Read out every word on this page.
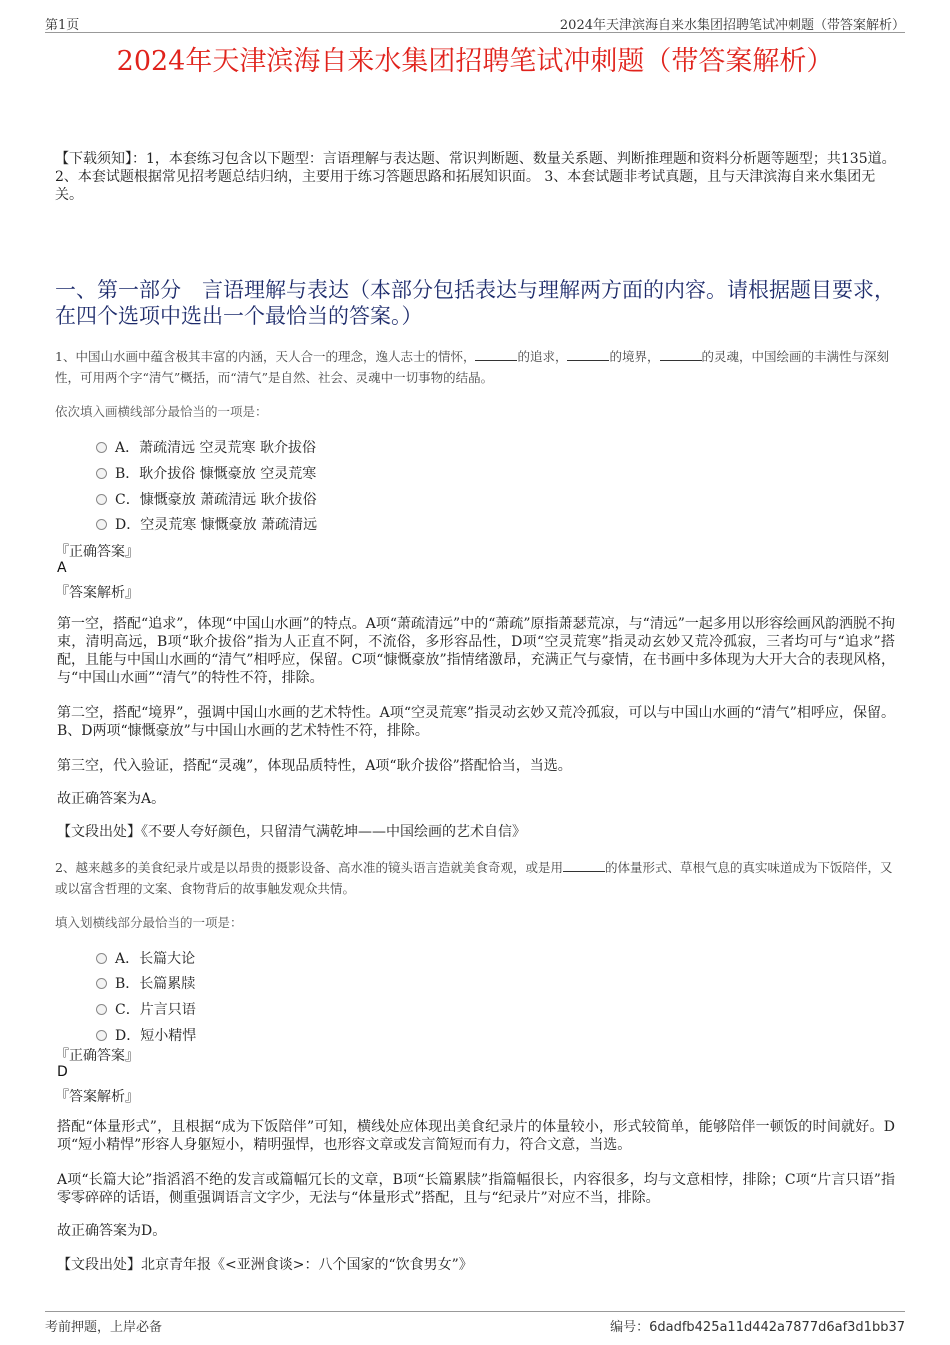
第1页	2024年天津滨海自来水集团招聘笔试冲刺题（带答案解析）
2024年天津滨海自来水集团招聘笔试冲刺题（带答案解析）
【下载须知】：1，本套练习包含以下题型：言语理解与表达题、常识判断题、数量关系题、判断推理题和资料分析题等题型；共135道。 2、本套试题根据常见招考题总结归纳，主要用于练习答题思路和拓展知识面。 3、本套试题非考试真题，且与天津滨海自来水集团无关。
一、第一部分　言语理解与表达（本部分包括表达与理解两方面的内容。请根据题目要求，在四个选项中选出一个最恰当的答案。）
1、中国山水画中蕴含极其丰富的内涵，天人合一的理念，逸人志士的情怀，	的追求，	的境界，	的灵魂，中国绘画的丰满性与深刻性，可用两个字“清气”概括，而“清气”是自然、社会、灵魂中一切事物的结晶。
依次填入画横线部分最恰当的一项是：
A．萧疏清远 空灵荒寒 耿介拔俗
B．耿介拔俗 慷慨豪放 空灵荒寒
C．慷慨豪放 萧疏清远 耿介拔俗
D．空灵荒寒 慷慨豪放 萧疏清远
『正确答案』
A
『答案解析』
第一空，搭配“追求”，体现“中国山水画”的特点。A项“萧疏清远”中的“萧疏”原指萧瑟荒凉，与“清远”一起多用以形容绘画风韵洒脱不拘束，清明高远，B项“耿介拔俗”指为人正直不阿，不流俗，多形容品性，D项“空灵荒寒”指灵动玄妙又荒冷孤寂，三者均可与“追求”搭配，且能与中国山水画的“清气”相呼应，保留。C项“慷慨豪放”指情绪激昂，充满正气与豪情，在书画中多体现为大开大合的表现风格，与“中国山水画”“清气”的特性不符，排除。
第二空，搭配“境界”，强调中国山水画的艺术特性。A项“空灵荒寒”指灵动玄妙又荒冷孤寂，可以与中国山水画的“清气”相呼应，保留。B、D两项“慷慨豪放”与中国山水画的艺术特性不符，排除。
第三空，代入验证，搭配“灵魂”，体现品质特性，A项“耿介拔俗”搭配恰当，当选。
故正确答案为A。
【文段出处】《不要人夸好颜色，只留清气满乾坤——中国绘画的艺术自信》
2、越来越多的美食纪录片或是以昂贵的摄影设备、高水准的镜头语言造就美食奇观，或是用	的体量形式、草根气息的真实味道成为下饭陪伴，又或以富含哲理的文案、食物背后的故事触发观众共情。
填入划横线部分最恰当的一项是：
A．长篇大论
B．长篇累牍
C．片言只语
D．短小精悍
『正确答案』
D
『答案解析』
搭配“体量形式”，且根据“成为下饭陪伴”可知，横线处应体现出美食纪录片的体量较小，形式较简单，能够陪伴一顿饭的时间就好。D项“短小精悍”形容人身躯短小，精明强悍，也形容文章或发言简短而有力，符合文意，当选。
A项“长篇大论”指滔滔不绝的发言或篇幅冗长的文章，B项“长篇累牍”指篇幅很长，内容很多，均与文意相悖，排除；C项“片言只语”指零零碎碎的话语，侧重强调语言文字少，无法与“体量形式”搭配，且与“纪录片”对应不当，排除。
故正确答案为D。
【文段出处】北京青年报《<亚洲食谈>：八个国家的“饮食男女”》
考前押题，上岸必备	编号：6dadfb425a11d442a7877d6af3d1bb37
